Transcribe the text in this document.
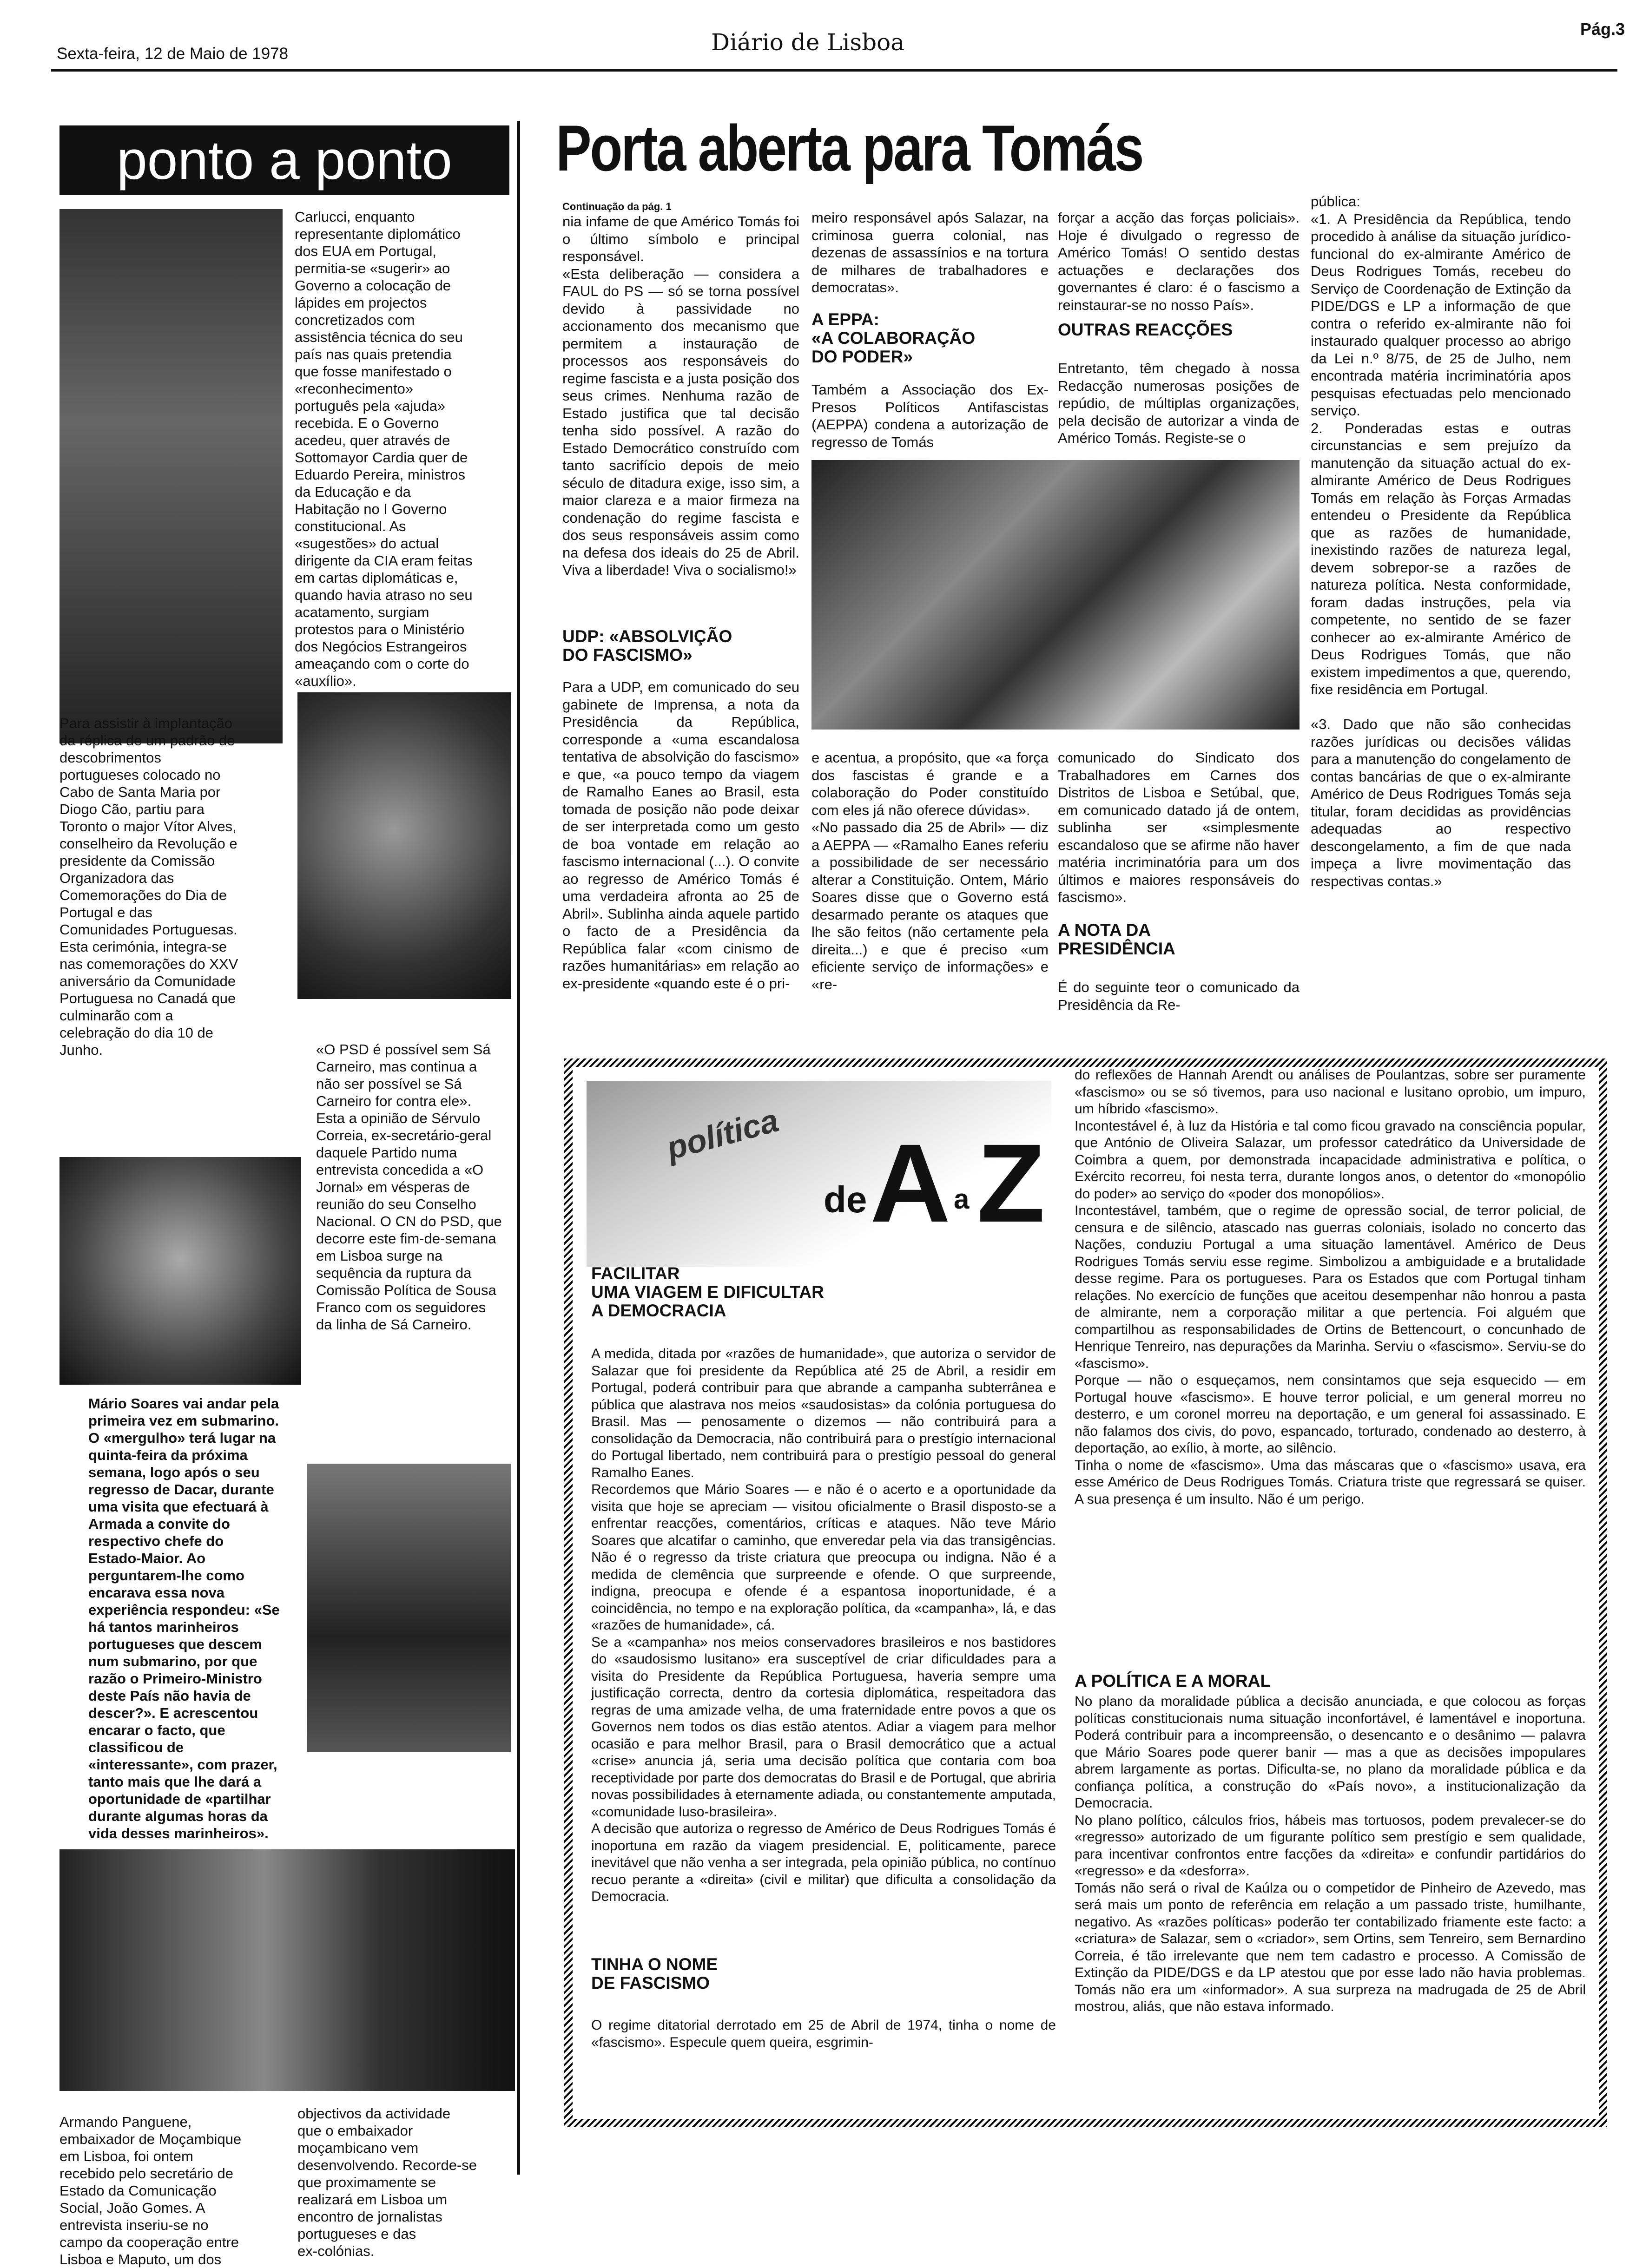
Sexta-feira, 12 de Maio de 1978	Diário de Lisboa	Pág.3
ponto a ponto
Carlucci, enquanto
representante diplomático
dos EUA em Portugal,
permitia-se «sugerir» ao
Governo a colocação de
lápides em projectos
concretizados com
assistência técnica do seu
país nas quais pretendia
que fosse manifestado o
«reconhecimento»
português pela «ajuda»
recebida. E o Governo
acedeu, quer através de
Sottomayor Cardia quer de
Eduardo Pereira, ministros
da Educação e da
Habitação no I Governo
constitucional. As
«sugestões» do actual
dirigente da CIA eram feitas
em cartas diplomáticas e,
quando havia atraso no seu
acatamento, surgiam
protestos para o Ministério
dos Negócios Estrangeiros
ameaçando com o corte do
«auxílio».
Para assistir à implantação
da réplica de um padrão de
descobrimentos
portugueses colocado no
Cabo de Santa Maria por
Diogo Cão, partiu para
Toronto o major Vítor Alves,
conselheiro da Revolução e
presidente da Comissão
Organizadora das
Comemorações do Dia de
Portugal e das
Comunidades Portuguesas.
Esta cerimónia, integra-se
nas comemorações do XXV
aniversário da Comunidade
Portuguesa no Canadá que
culminarão com a
celebração do dia 10 de
Junho.	«O PSD é possível sem Sá
Carneiro, mas continua a
não ser possível se Sá
Carneiro for contra ele».
Esta a opinião de Sérvulo
Correia, ex-secretário-geral
daquele Partido numa
entrevista concedida a «O
Jornal» em vésperas de
reunião do seu Conselho
Nacional. O CN do PSD, que
decorre este fim-de-semana
em Lisboa surge na
sequência da ruptura da
Comissão Política de Sousa
Franco com os seguidores
da linha de Sá Carneiro.
Mário Soares vai andar pela
primeira vez em submarino.
O «mergulho» terá lugar na
quinta-feira da próxima
semana, logo após o seu
regresso de Dacar, durante
uma visita que efectuará à
Armada a convite do
respectivo chefe do
Estado-Maior. Ao
perguntarem-lhe como
encarava essa nova
experiência respondeu: «Se
há tantos marinheiros
portugueses que descem
num submarino, por que
razão o Primeiro-Ministro
deste País não havia de
descer?». E acrescentou
encarar o facto, que
classificou de
«interessante», com prazer,
tanto mais que lhe dará a
oportunidade de «partilhar
durante algumas horas da
vida desses marinheiros».
Armando Panguene,
embaixador de Moçambique
em Lisboa, foi ontem
recebido pelo secretário de
Estado da Comunicação
Social, João Gomes. A
entrevista inseriu-se no
campo da cooperação entre
Lisboa e Maputo, um dos
objectivos da actividade
que o embaixador
moçambicano vem
desenvolvendo. Recorde-se
que proximamente se
realizará em Lisboa um
encontro de jornalistas
portugueses e das
ex-colónias.
Porta aberta para Tomás
Continuação da pág. 1
nia infame de que Américo Tomás foi o último símbolo e principal responsável.
«Esta deliberação — considera a FAUL do PS — só se torna possível devido à passividade no accionamento dos mecanismo que permitem a instauração de processos aos responsáveis do regime fascista e a justa posição dos seus crimes. Nenhuma razão de Estado justifica que tal decisão tenha sido possível. A razão do Estado Democrático construído com tanto sacrifício depois de meio século de ditadura exige, isso sim, a maior clareza e a maior firmeza na condenação do regime fascista e dos seus responsáveis assim como na defesa dos ideais do 25 de Abril. Viva a liberdade! Viva o socialismo!»
UDP: «ABSOLVIÇÃO
DO FASCISMO»
Para a UDP, em comunicado do seu gabinete de Imprensa, a nota da Presidência da República, corresponde a «uma escandalosa tentativa de absolvição do fascismo» e que, «a pouco tempo da viagem de Ramalho Eanes ao Brasil, esta tomada de posição não pode deixar de ser interpretada como um gesto de boa vontade em relação ao fascismo internacional (...). O convite ao regresso de Américo Tomás é uma verdadeira afronta ao 25 de Abril». Sublinha ainda aquele partido o facto de a Presidência da República falar «com cinismo de razões humanitárias» em relação ao ex-presidente «quando este é o pri-
meiro responsável após Salazar, na criminosa guerra colonial, nas dezenas de assassínios e na tortura de milhares de trabalhadores e democratas».
A EPPA:
«A COLABORAÇÃO
DO PODER»
Também a Associação dos Ex-Presos Políticos Antifascistas (AEPPA) condena a autorização de regresso de Tomás
forçar a acção das forças policiais». Hoje é divulgado o regresso de Américo Tomás! O sentido destas actuações e declarações dos governantes é claro: é o fascismo a reinstaurar-se no nosso País».
OUTRAS REACÇÕES
Entretanto, têm chegado à nossa Redacção numerosas posições de repúdio, de múltiplas organizações, pela decisão de autorizar a vinda de Américo Tomás. Registe-se o
e acentua, a propósito, que «a força dos fascistas é grande e a colaboração do Poder constituído com eles já não oferece dúvidas».
«No passado dia 25 de Abril» — diz a AEPPA — «Ramalho Eanes referiu a possibilidade de ser necessário alterar a Constituição. Ontem, Mário Soares disse que o Governo está desarmado perante os ataques que lhe são feitos (não certamente pela direita...) e que é preciso «um eficiente serviço de informações» e «re-
comunicado do Sindicato dos Trabalhadores em Carnes dos Distritos de Lisboa e Setúbal, que, em comunicado datado já de ontem, sublinha ser «simplesmente escandaloso que se afirme não haver matéria incriminatória para um dos últimos e maiores responsáveis do fascismo».
A NOTA DA
PRESIDÊNCIA
É do seguinte teor o comunicado da Presidência da Re-
pública:
«1. A Presidência da República, tendo procedido à análise da situação jurídico-funcional do ex-almirante Américo de Deus Rodrigues Tomás, recebeu do Serviço de Coordenação de Extinção da PIDE/DGS e LP a informação de que contra o referido ex-almirante não foi instaurado qualquer processo ao abrigo da Lei n.º 8/75, de 25 de Julho, nem encontrada matéria incriminatória apos pesquisas efectuadas pelo mencionado serviço.
2. Ponderadas estas e outras circunstancias e sem prejuízo da manutenção da situação actual do ex-almirante Américo de Deus Rodrigues Tomás em relação às Forças Armadas entendeu o Presidente da República que as razões de humanidade, inexistindo razões de natureza legal, devem sobrepor-se a razões de natureza política. Nesta conformidade, foram dadas instruções, pela via competente, no sentido de se fazer conhecer ao ex-almirante Américo de Deus Rodrigues Tomás, que não existem impedimentos a que, querendo, fixe residência em Portugal.

«3. Dado que não são conhecidas razões jurídicas ou decisões válidas para a manutenção do congelamento de contas bancárias de que o ex-almirante Américo de Deus Rodrigues Tomás seja titular, foram decididas as providências adequadas ao respectivo descongelamento, a fim de que nada impeça a livre movimentação das respectivas contas.»
política
de A a Z
FACILITAR
UMA VIAGEM E DIFICULTAR
A DEMOCRACIA
A medida, ditada por «razões de humanidade», que autoriza o servidor de Salazar que foi presidente da República até 25 de Abril, a residir em Portugal, poderá contribuir para que abrande a campanha subterrânea e pública que alastrava nos meios «saudosistas» da colónia portuguesa do Brasil. Mas — penosamente o dizemos — não contribuirá para a consolidação da Democracia, não contribuirá para o prestígio internacional do Portugal libertado, nem contribuirá para o prestígio pessoal do general Ramalho Eanes.
Recordemos que Mário Soares — e não é o acerto e a oportunidade da visita que hoje se apreciam — visitou oficialmente o Brasil disposto-se a enfrentar reacções, comentários, críticas e ataques. Não teve Mário Soares que alcatifar o caminho, que enveredar pela via das transigências. Não é o regresso da triste criatura que preocupa ou indigna. Não é a medida de clemência que surpreende e ofende. O que surpreende, indigna, preocupa e ofende é a espantosa inoportunidade, é a coincidência, no tempo e na exploração política, da «campanha», lá, e das «razões de humanidade», cá.
Se a «campanha» nos meios conservadores brasileiros e nos bastidores do «saudosismo lusitano» era susceptível de criar dificuldades para a visita do Presidente da República Portuguesa, haveria sempre uma justificação correcta, dentro da cortesia diplomática, respeitadora das regras de uma amizade velha, de uma fraternidade entre povos a que os Governos nem todos os dias estão atentos. Adiar a viagem para melhor ocasião e para melhor Brasil, para o Brasil democrático que a actual «crise» anuncia já, seria uma decisão política que contaria com boa receptividade por parte dos democratas do Brasil e de Portugal, que abriria novas possibilidades à eternamente adiada, ou constantemente amputada, «comunidade luso-brasileira».
A decisão que autoriza o regresso de Américo de Deus Rodrigues Tomás é inoportuna em razão da viagem presidencial. E, politicamente, parece inevitável que não venha a ser integrada, pela opinião pública, no contínuo recuo perante a «direita» (civil e militar) que dificulta a consolidação da Democracia.
TINHA O NOME
DE FASCISMO
O regime ditatorial derrotado em 25 de Abril de 1974, tinha o nome de «fascismo». Especule quem queira, esgrimin-
do reflexões de Hannah Arendt ou análises de Poulantzas, sobre ser puramente «fascismo» ou se só tivemos, para uso nacional e lusitano oprobio, um impuro, um híbrido «fascismo».
Incontestável é, à luz da História e tal como ficou gravado na consciência popular, que António de Oliveira Salazar, um professor catedrático da Universidade de Coimbra a quem, por demonstrada incapacidade administrativa e política, o Exército recorreu, foi nesta terra, durante longos anos, o detentor do «monopólio do poder» ao serviço do «poder dos monopólios».
Incontestável, também, que o regime de opressão social, de terror policial, de censura e de silêncio, atascado nas guerras coloniais, isolado no concerto das Nações, conduziu Portugal a uma situação lamentável. Américo de Deus Rodrigues Tomás serviu esse regime. Simbolizou a ambiguidade e a brutalidade desse regime. Para os portugueses. Para os Estados que com Portugal tinham relações. No exercício de funções que aceitou desempenhar não honrou a pasta de almirante, nem a corporação militar a que pertencia. Foi alguém que compartilhou as responsabilidades de Ortins de Bettencourt, o concunhado de Henrique Tenreiro, nas depurações da Marinha. Serviu o «fascismo». Serviu-se do «fascismo».
Porque — não o esqueçamos, nem consintamos que seja esquecido — em Portugal houve «fascismo». E houve terror policial, e um general morreu no desterro, e um coronel morreu na deportação, e um general foi assassinado. E não falamos dos civis, do povo, espancado, torturado, condenado ao desterro, à deportação, ao exílio, à morte, ao silêncio.
Tinha o nome de «fascismo». Uma das máscaras que o «fascismo» usava, era esse Américo de Deus Rodrigues Tomás. Criatura triste que regressará se quiser. A sua presença é um insulto. Não é um perigo.
A POLÍTICA E A MORAL
No plano da moralidade pública a decisão anunciada, e que colocou as forças políticas constitucionais numa situação inconfortável, é lamentável e inoportuna. Poderá contribuir para a incompreensão, o desencanto e o desânimo — palavra que Mário Soares pode querer banir — mas a que as decisões impopulares abrem largamente as portas. Dificulta-se, no plano da moralidade pública e da confiança política, a construção do «País novo», a institucionalização da Democracia.
No plano político, cálculos frios, hábeis mas tortuosos, podem prevalecer-se do «regresso» autorizado de um figurante político sem prestígio e sem qualidade, para incentivar confrontos entre facções da «direita» e confundir partidários do «regresso» e da «desforra».
Tomás não será o rival de Kaúlza ou o competidor de Pinheiro de Azevedo, mas será mais um ponto de referência em relação a um passado triste, humilhante, negativo. As «razões políticas» poderão ter contabilizado friamente este facto: a «criatura» de Salazar, sem o «criador», sem Ortins, sem Tenreiro, sem Bernardino Correia, é tão irrelevante que nem tem cadastro e processo. A Comissão de Extinção da PIDE/DGS e da LP atestou que por esse lado não havia problemas. Tomás não era um «informador». A sua surpreza na madrugada de 25 de Abril mostrou, aliás, que não estava informado.
